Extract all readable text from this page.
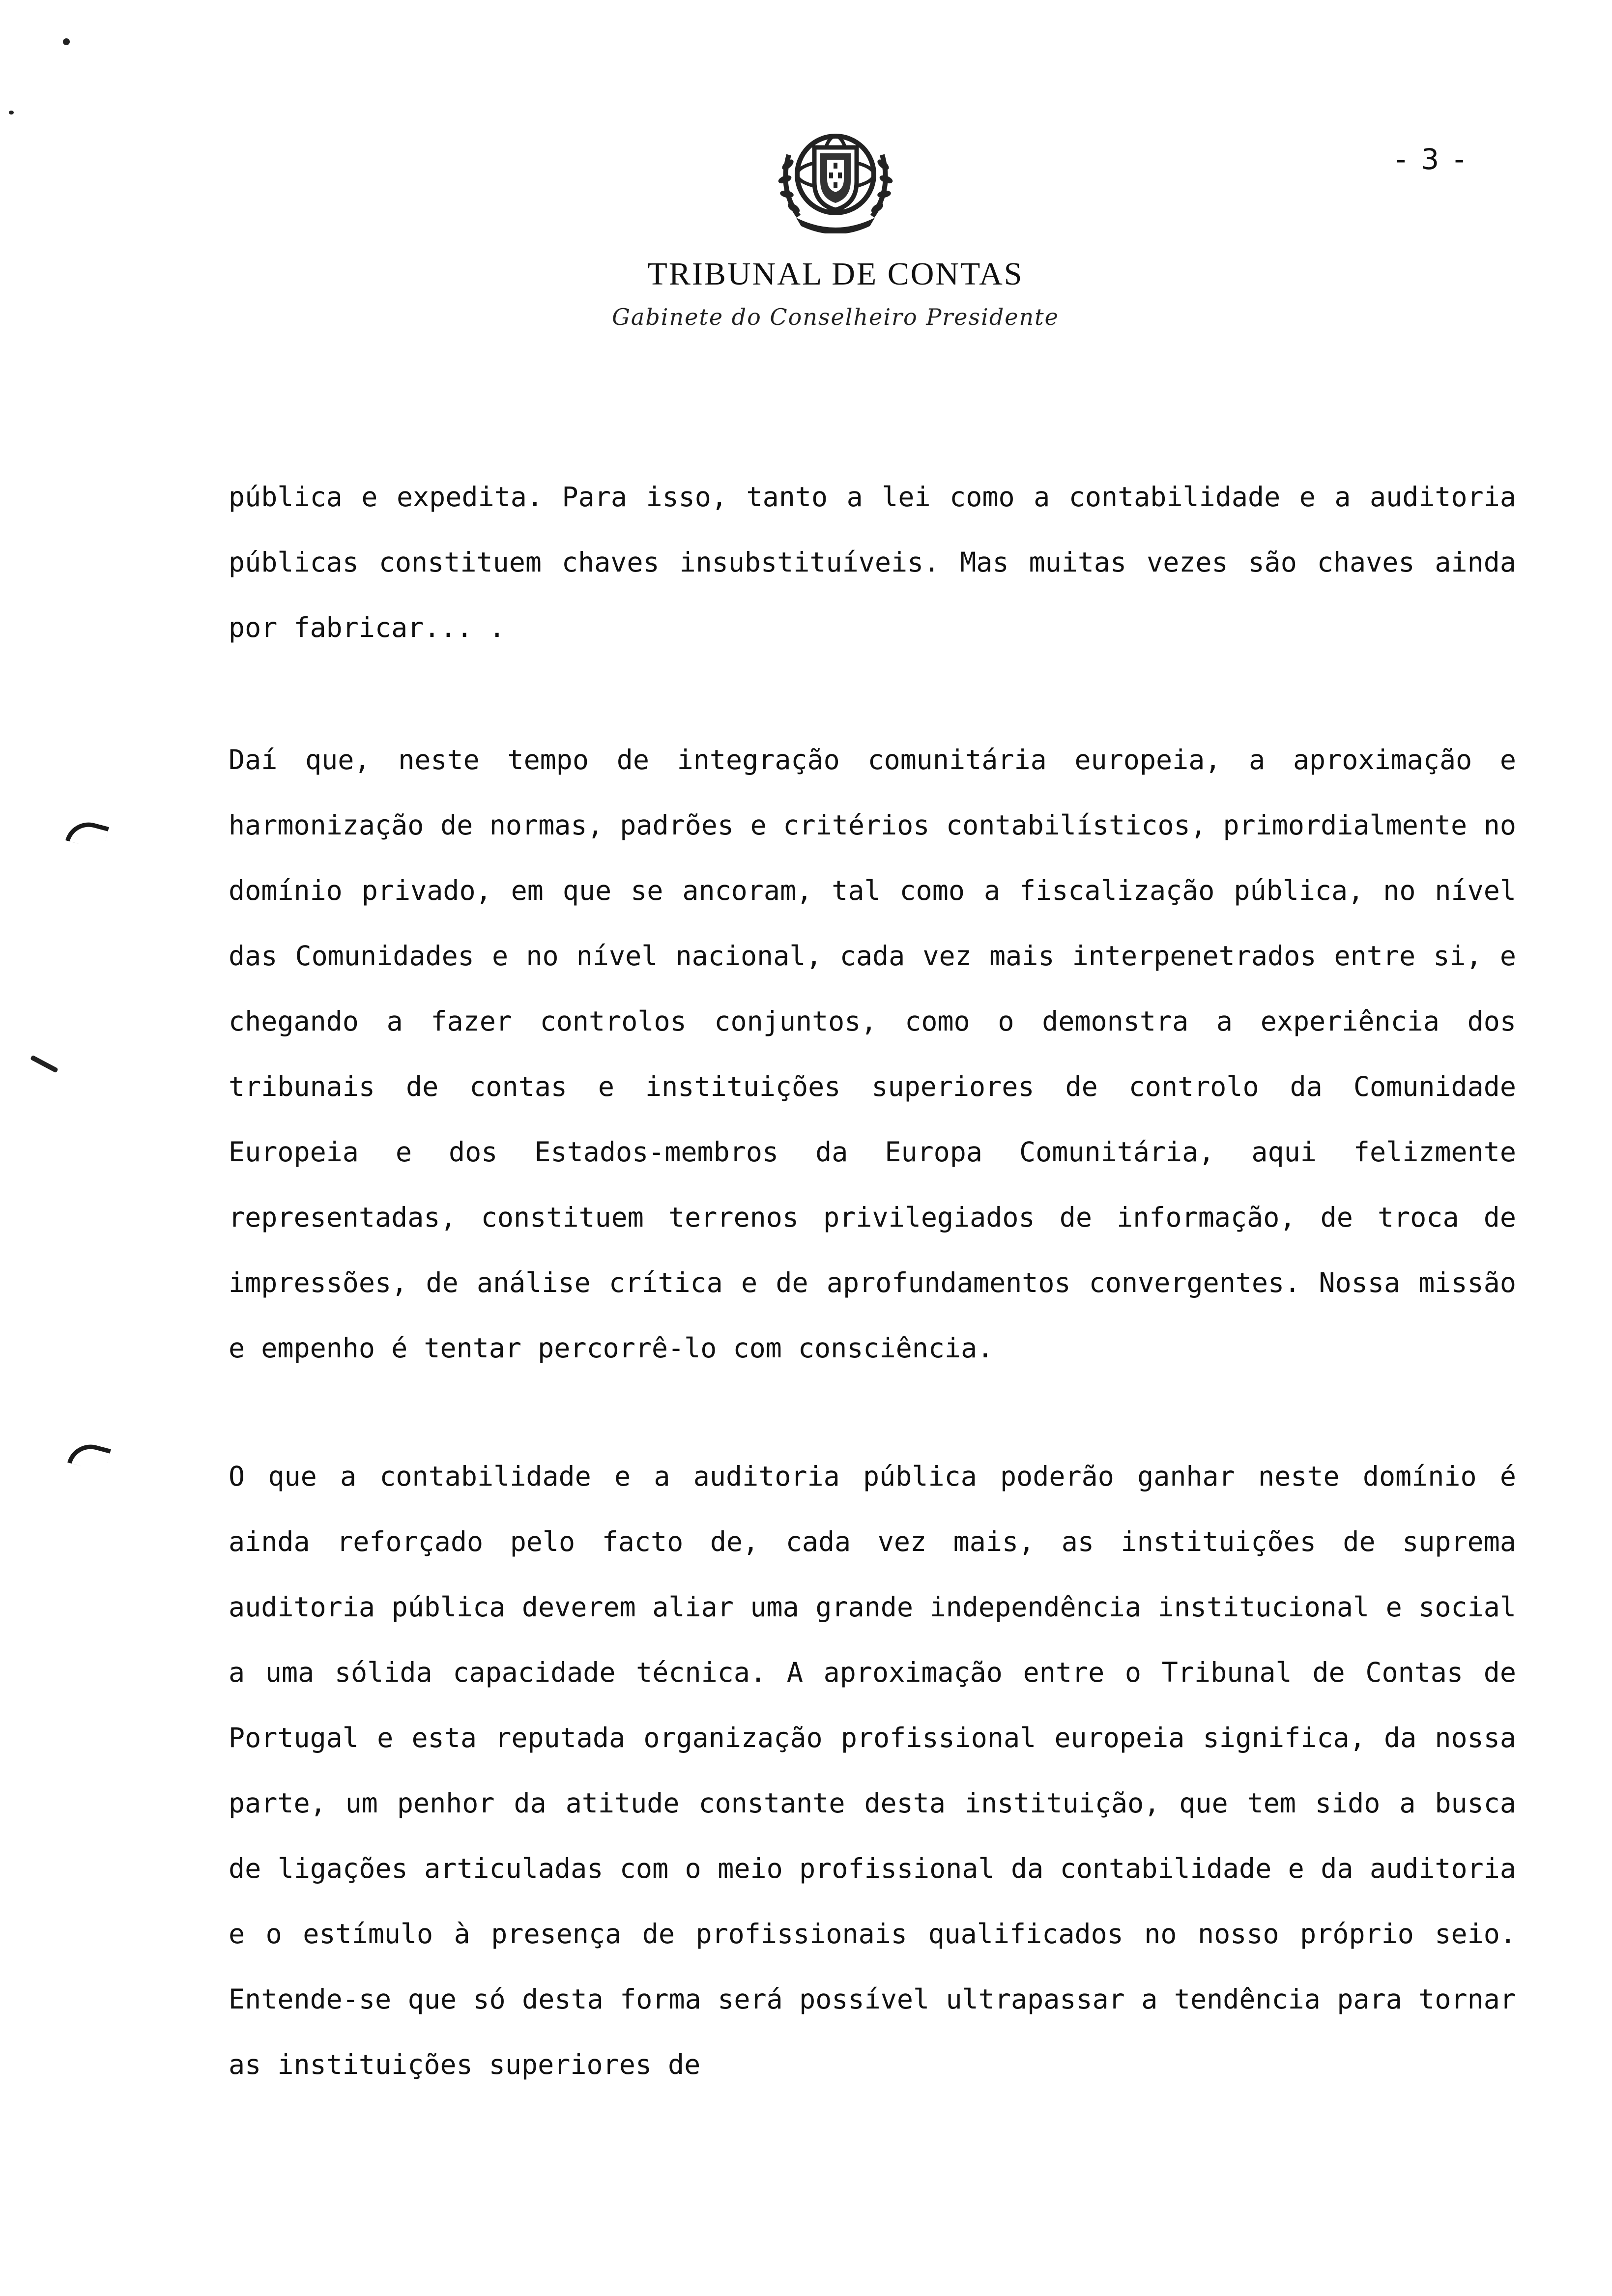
- 3 -
TRIBUNAL DE CONTAS
Gabinete do Conselheiro Presidente

pública e expedita. Para isso, tanto a lei como a contabilidade e a auditoria públicas constituem chaves insubstituíveis. Mas muitas vezes são chaves ainda por fabricar... .

Daí que, neste tempo de integração comunitária europeia, a aproximação e harmonização de normas, padrões e critérios contabilísticos, primordialmente no domínio privado, em que se ancoram, tal como a fiscalização pública, no nível das Comunidades e no nível nacional, cada vez mais interpenetrados entre si, e chegando a fazer controlos conjuntos, como o demonstra a experiência dos tribunais de contas e instituições superiores de controlo da Comunidade Europeia e dos Estados-membros da Europa Comunitária, aqui felizmente representadas, constituem terrenos privilegiados de informação, de troca de impressões, de análise crítica e de aprofundamentos convergentes. Nossa missão e empenho é tentar percorrê-lo com consciência.

O que a contabilidade e a auditoria pública poderão ganhar neste domínio é ainda reforçado pelo facto de, cada vez mais, as instituições de suprema auditoria pública deverem aliar uma grande independência institucional e social a uma sólida capacidade técnica. A aproximação entre o Tribunal de Contas de Portugal e esta reputada organização profissional europeia significa, da nossa parte, um penhor da atitude constante desta instituição, que tem sido a busca de ligações articuladas com o meio profissional da contabilidade e da auditoria e o estímulo à presença de profissionais qualificados no nosso próprio seio. Entende-se que só desta forma será possível ultrapassar a tendência para tornar as instituições superiores de
